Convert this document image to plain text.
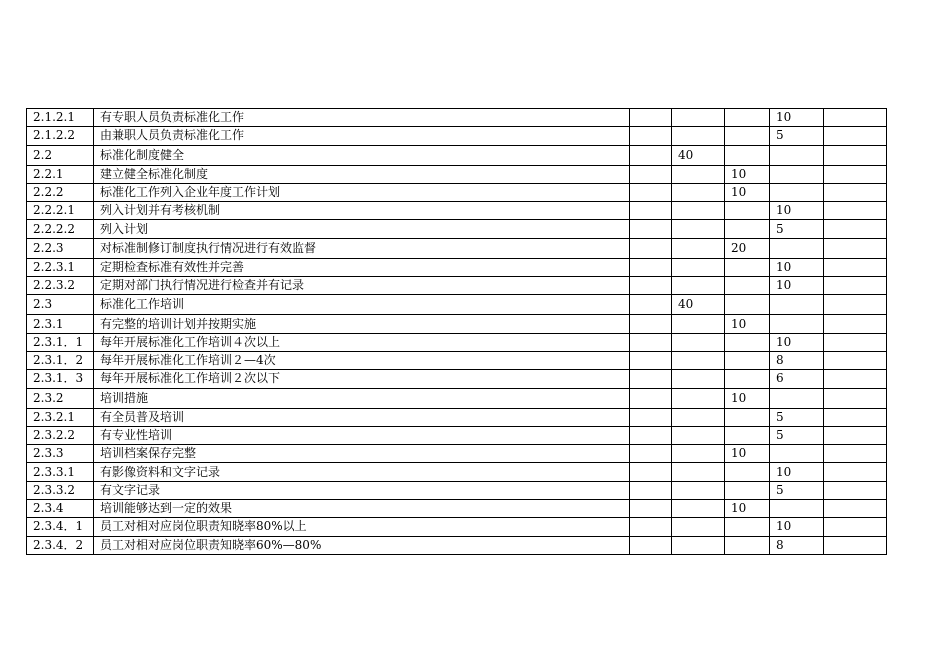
2.1.2.1	有专职人员负责标准化工作				10	
2.1.2.2	由兼职人员负责标准化工作				5	
2.2	标准化制度健全		40			
2.2.1	建立健全标准化制度			10		
2.2.2	标准化工作列入企业年度工作计划			10		
2.2.2.1	列入计划并有考核机制				10	
2.2.2.2	列入计划				5	
2.2.3	对标准制修订制度执行情况进行有效监督			20		
2.2.3.1	定期检查标准有效性并完善				10	
2.2.3.2	定期对部门执行情况进行检查并有记录				10	
2.3	标准化工作培训		40			
2.3.1	有完整的培训计划并按期实施			10		
2.3.1．1	每年开展标准化工作培训４次以上				10	
2.3.1．2	每年开展标准化工作培训２—4次				8	
2.3.1．3	每年开展标准化工作培训２次以下				6	
2.3.2	培训措施			10		
2.3.2.1	有全员普及培训				5	
2.3.2.2	有专业性培训				5	
2.3.3	培训档案保存完整			10		
2.3.3.1	有影像资料和文字记录				10	
2.3.3.2	有文字记录				5	
2.3.4	培训能够达到一定的效果			10		
2.3.4．1	员工对相对应岗位职责知晓率80%以上				10	
2.3.4．2	员工对相对应岗位职责知晓率60%—80%				8	
